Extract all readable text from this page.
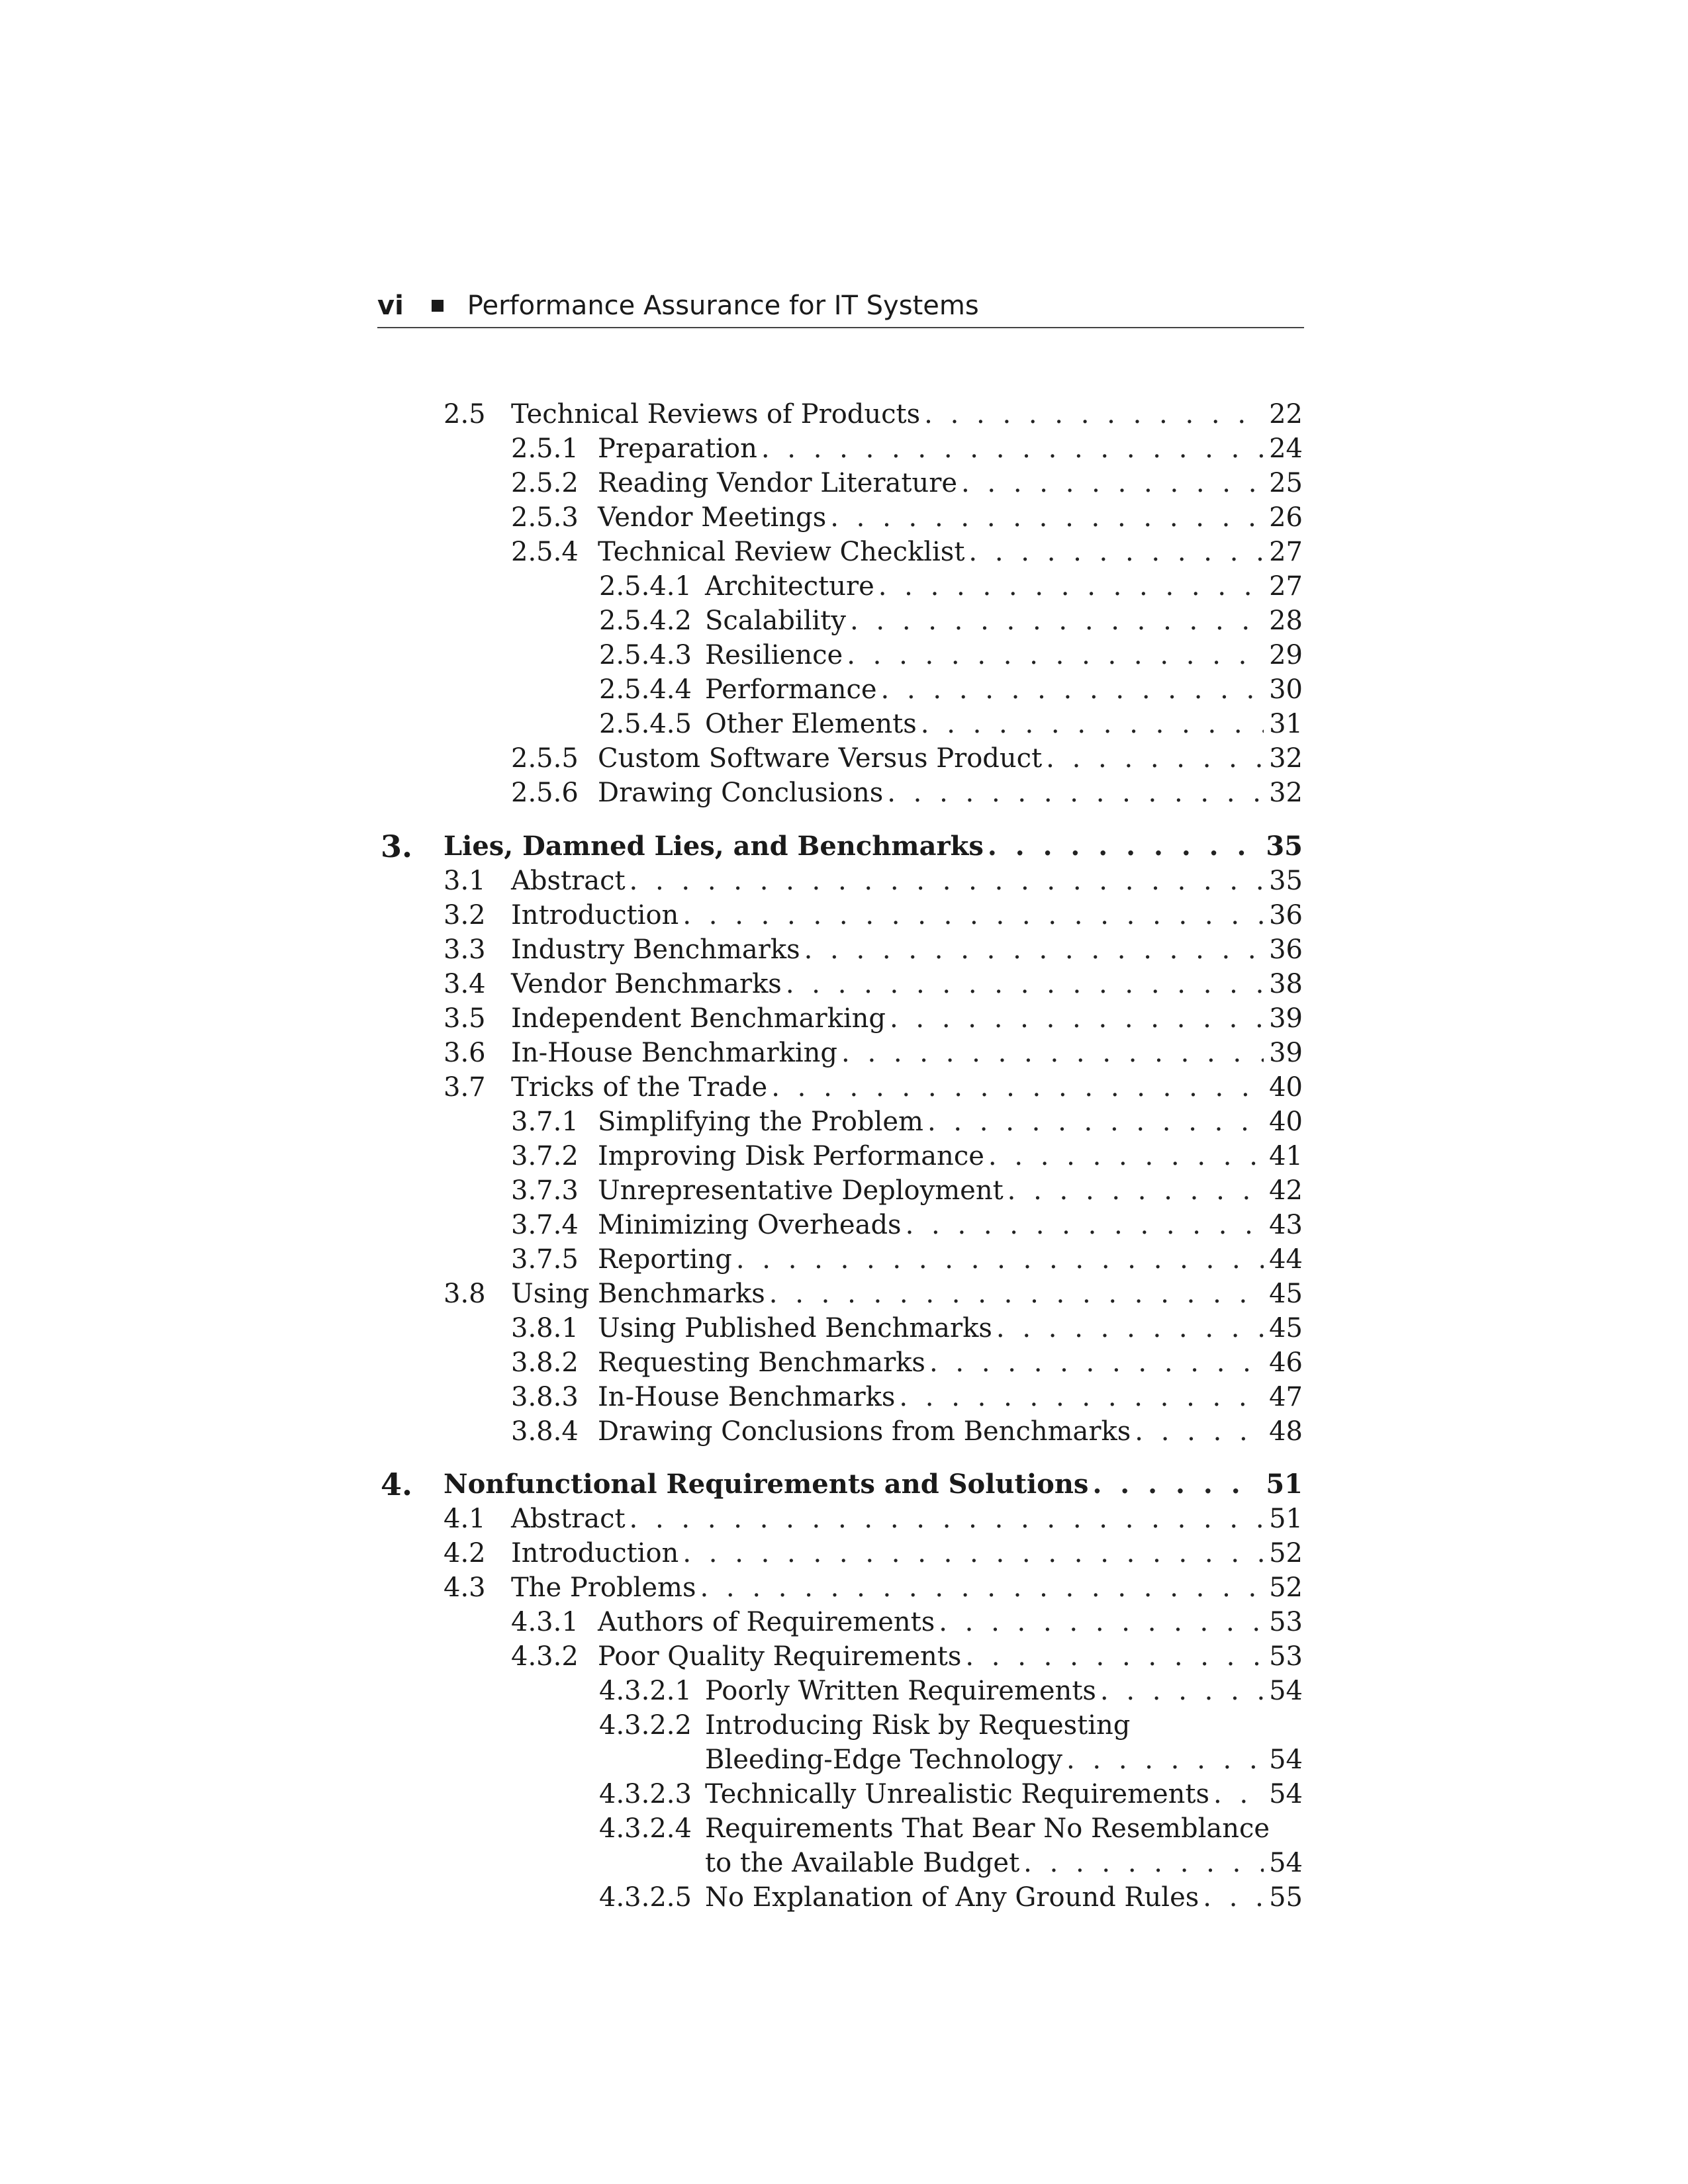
vi Performance Assurance for IT Systems
2.5 Technical Reviews of Products . . .	22
2.5.1 Preparation . . .	24
2.5.2 Reading Vendor Literature . . .	25
2.5.3 Vendor Meetings . . .	26
2.5.4 Technical Review Checklist . . .	27
2.5.4.1 Architecture . . .	27
2.5.4.2 Scalability . . .	28
2.5.4.3 Resilience . . .	29
2.5.4.4 Performance . . .	30
2.5.4.5 Other Elements . . .	31
2.5.5 Custom Software Versus Product . . .	32
2.5.6 Drawing Conclusions . . .	32
3. Lies, Damned Lies, and Benchmarks . . .	35
3.1 Abstract . . .	35
3.2 Introduction . . .	36
3.3 Industry Benchmarks . . .	36
3.4 Vendor Benchmarks . . .	38
3.5 Independent Benchmarking . . .	39
3.6 In-House Benchmarking . . .	39
3.7 Tricks of the Trade . . .	40
3.7.1 Simplifying the Problem . . .	40
3.7.2 Improving Disk Performance . . .	41
3.7.3 Unrepresentative Deployment . . .	42
3.7.4 Minimizing Overheads . . .	43
3.7.5 Reporting . . .	44
3.8 Using Benchmarks . . .	45
3.8.1 Using Published Benchmarks . . .	45
3.8.2 Requesting Benchmarks . . .	46
3.8.3 In-House Benchmarks . . .	47
3.8.4 Drawing Conclusions from Benchmarks . . .	48
4. Nonfunctional Requirements and Solutions . . .	51
4.1 Abstract . . .	51
4.2 Introduction . . .	52
4.3 The Problems . . .	52
4.3.1 Authors of Requirements . . .	53
4.3.2 Poor Quality Requirements . . .	53
4.3.2.1 Poorly Written Requirements . . .	54
4.3.2.2 Introducing Risk by Requesting
Bleeding-Edge Technology . . .	54
4.3.2.3 Technically Unrealistic Requirements . . . 54
4.3.2.4 Requirements That Bear No Resemblance
to the Available Budget . . .	54
4.3.2.5 No Explanation of Any Ground Rules . . .	55
